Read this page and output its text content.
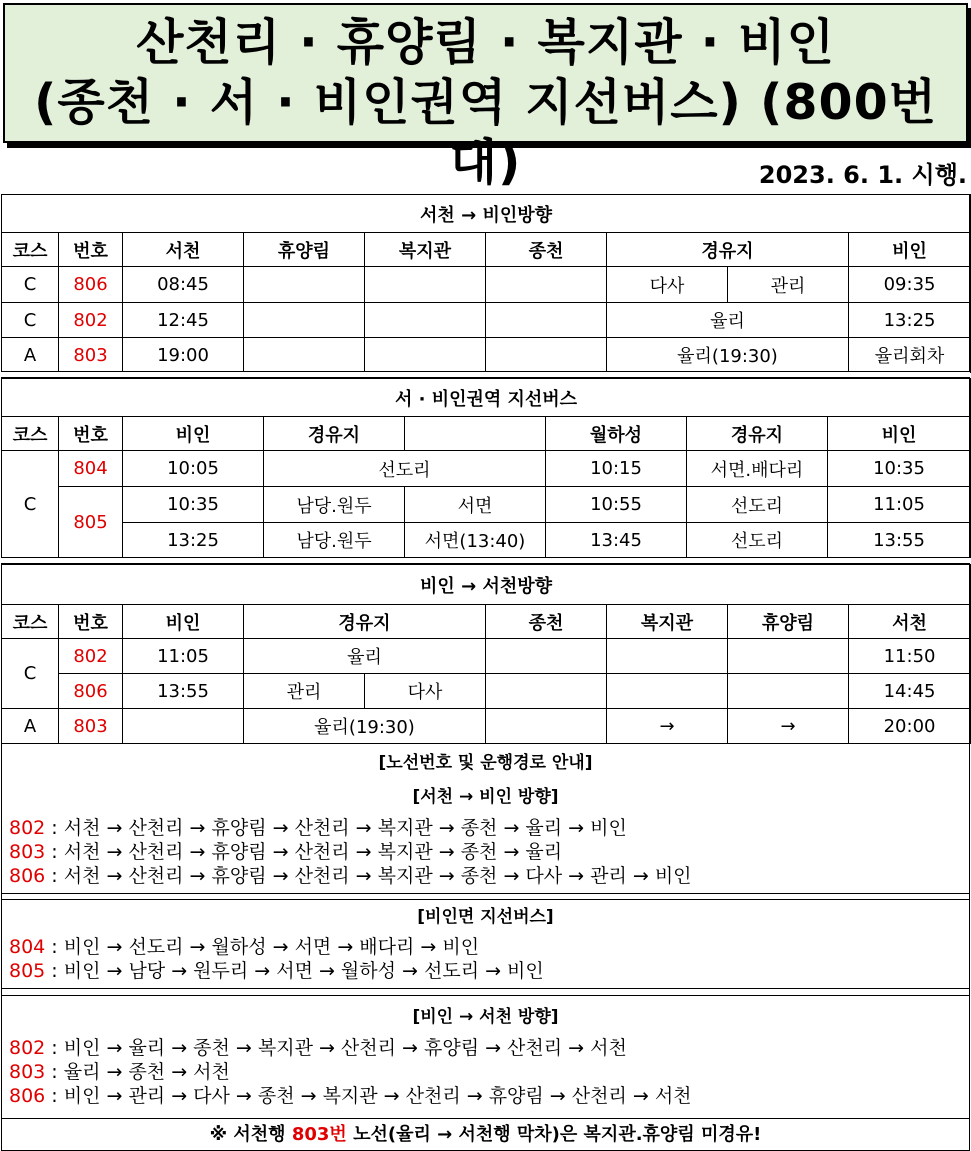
산천리 · 휴양림 · 복지관 · 비인
(종천 · 서 · 비인권역 지선버스) (800번대)	2023. 6. 1. 시행.
서천 → 비인방향								
코스	번호	서천	휴양림	복지관	종천	경유지		비인
C	806	08:45				다사	관리	09:35
C	802	12:45				율리		13:25
A	803	19:00				율리(19:30)		율리회차
서 · 비인권역 지선버스							
코스	번호	비인	경유지		월하성	경유지	비인
C	804	10:05	선도리		10:15	서면.배다리	10:35
	805	10:35	남당.원두	서면	10:55	선도리	11:05
		13:25	남당.원두	서면(13:40)	13:45	선도리	13:55
비인 → 서천방향								
코스	번호	비인	경유지		종천	복지관	휴양림	서천
C	802	11:05	율리					11:50
	806	13:55	관리	다사				14:45
A	803		율리(19:30)			→	→	20:00
[노선번호 및 운행경로 안내]
[서천 → 비인 방향]
802 : 서천 → 산천리 → 휴양림 → 산천리 → 복지관 → 종천 → 율리 → 비인
803 : 서천 → 산천리 → 휴양림 → 산천리 → 복지관 → 종천 → 율리
806 : 서천 → 산천리 → 휴양림 → 산천리 → 복지관 → 종천 → 다사 → 관리 → 비인
[비인면 지선버스]
804 : 비인 → 선도리 → 월하성 → 서면 → 배다리 → 비인
805 : 비인 → 남당 → 원두리 → 서면 → 월하성 → 선도리 → 비인
[비인 → 서천 방향]
802 : 비인 → 율리 → 종천 → 복지관 → 산천리 → 휴양림 → 산천리 → 서천
803 : 율리 → 종천 → 서천
806 : 비인 → 관리 → 다사 → 종천 → 복지관 → 산천리 → 휴양림 → 산천리 → 서천
※ 서천행 803번 노선(율리 → 서천행 막차)은 복지관.휴양림 미경유!
